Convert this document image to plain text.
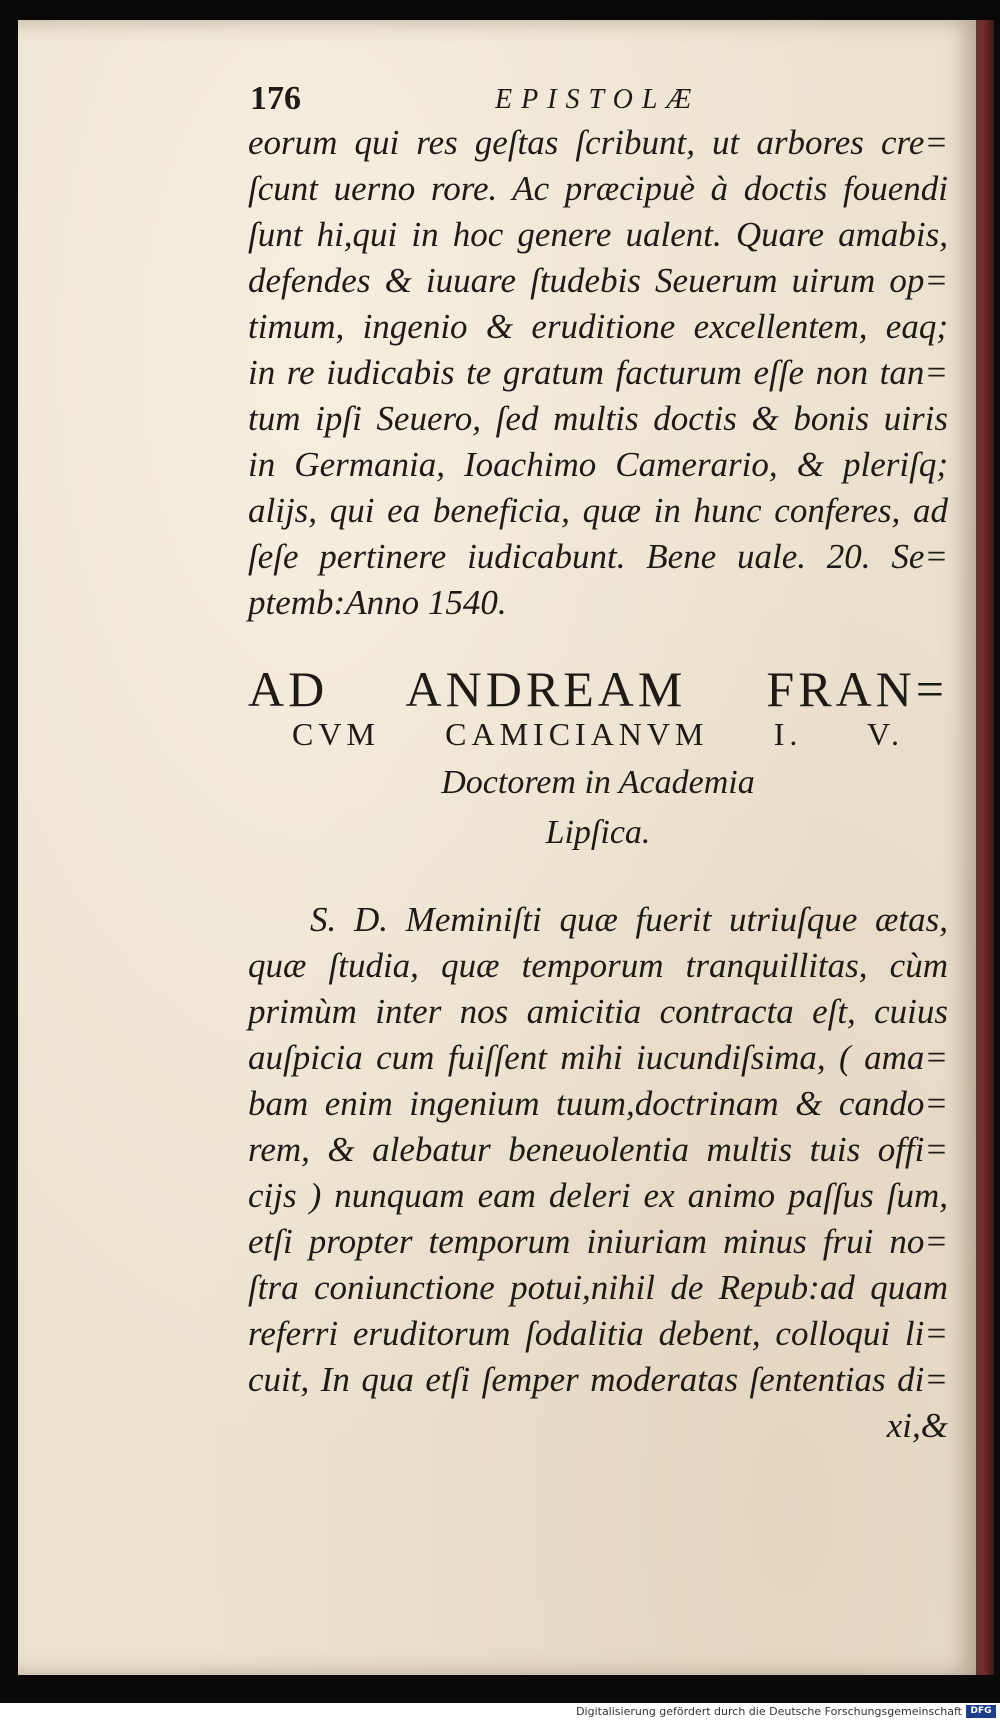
176	EPISTOLÆ
eorum qui res geſtas ſcribunt, ut arbores cre=
ſcunt uerno rore. Ac præcipuè à doctis fouendi
ſunt hi,qui in hoc genere ualent. Quare amabis,
defendes & iuuare ſtudebis Seuerum uirum op=
timum, ingenio & eruditione excellentem, eaq;
in re iudicabis te gratum facturum eſſe non tan=
tum ipſi Seuero, ſed multis doctis & bonis uiris
in Germania, Ioachimo Camerario, & pleriſq;
alijs, qui ea beneficia, quæ in hunc conferes, ad
ſeſe pertinere iudicabunt. Bene uale. 20. Se=
ptemb:Anno 1540.
AD ANDREAM FRAN=
CVM CAMICIANVM I. V.
Doctorem in Academia
Lipſica.
S. D. Meminiſti quæ fuerit utriuſque ætas,
quæ ſtudia, quæ temporum tranquillitas, cùm
primùm inter nos amicitia contracta eſt, cuius
auſpicia cum fuiſſent mihi iucundiſsima, ( ama=
bam enim ingenium tuum,doctrinam & cando=
rem, & alebatur beneuolentia multis tuis offi=
cijs ) nunquam eam deleri ex animo paſſus ſum,
etſi propter temporum iniuriam minus frui no=
ſtra coniunctione potui,nihil de Repub:ad quam
referri eruditorum ſodalitia debent, colloqui li=
cuit, In qua etſi ſemper moderatas ſententias di=
xi,&
Digitalisierung gefördert durch die Deutsche Forschungsgemeinschaft DFG
